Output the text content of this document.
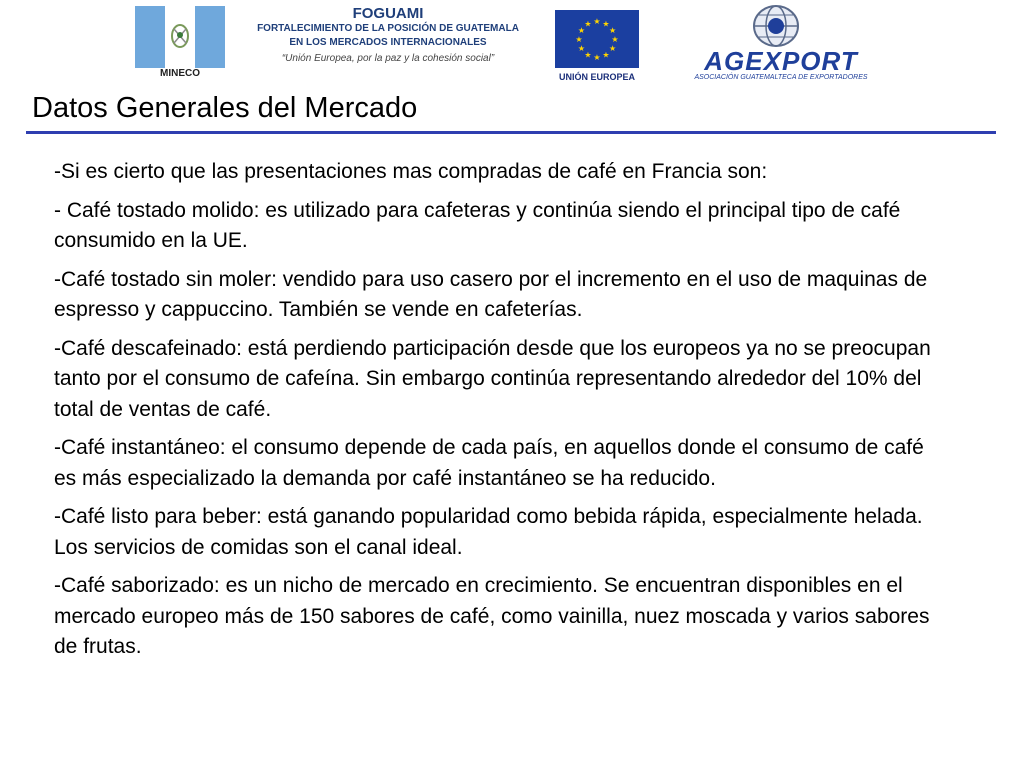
MINECO
FOGUAMI
FORTALECIMIENTO DE LA POSICIÓN DE GUATEMALA
EN LOS MERCADOS INTERNACIONALES
“Unión Europea, por la paz y la cohesión social”
★
★
★
★
★
★
★
★
★ ★ ★
★
UNIÓN EUROPEA
AGEXPORT
ASOCIACIÓN GUATEMALTECA DE EXPORTADORES
Datos Generales del Mercado

-Si es cierto que las presentaciones mas compradas de café en Francia son:

- Café tostado molido: es utilizado para cafeteras y continúa siendo el principal tipo de café consumido en la UE.

-Café tostado sin moler: vendido para uso casero por el incremento en el uso de maquinas de espresso y cappuccino. También se vende en cafeterías.

-Café descafeinado: está perdiendo participación desde que los europeos ya no se preocupan tanto por el consumo de cafeína. Sin embargo continúa representando alrededor del 10% del total de ventas de café.

-Café instantáneo: el consumo depende de cada país, en aquellos donde el consumo de café es más especializado la demanda por café instantáneo se ha reducido.

-Café listo para beber: está ganando popularidad como bebida rápida, especialmente helada. Los servicios de comidas son el canal ideal.

-Café saborizado: es un nicho de mercado en crecimiento. Se encuentran disponibles en el mercado europeo más de 150 sabores de café, como vainilla, nuez moscada y varios sabores de frutas.
